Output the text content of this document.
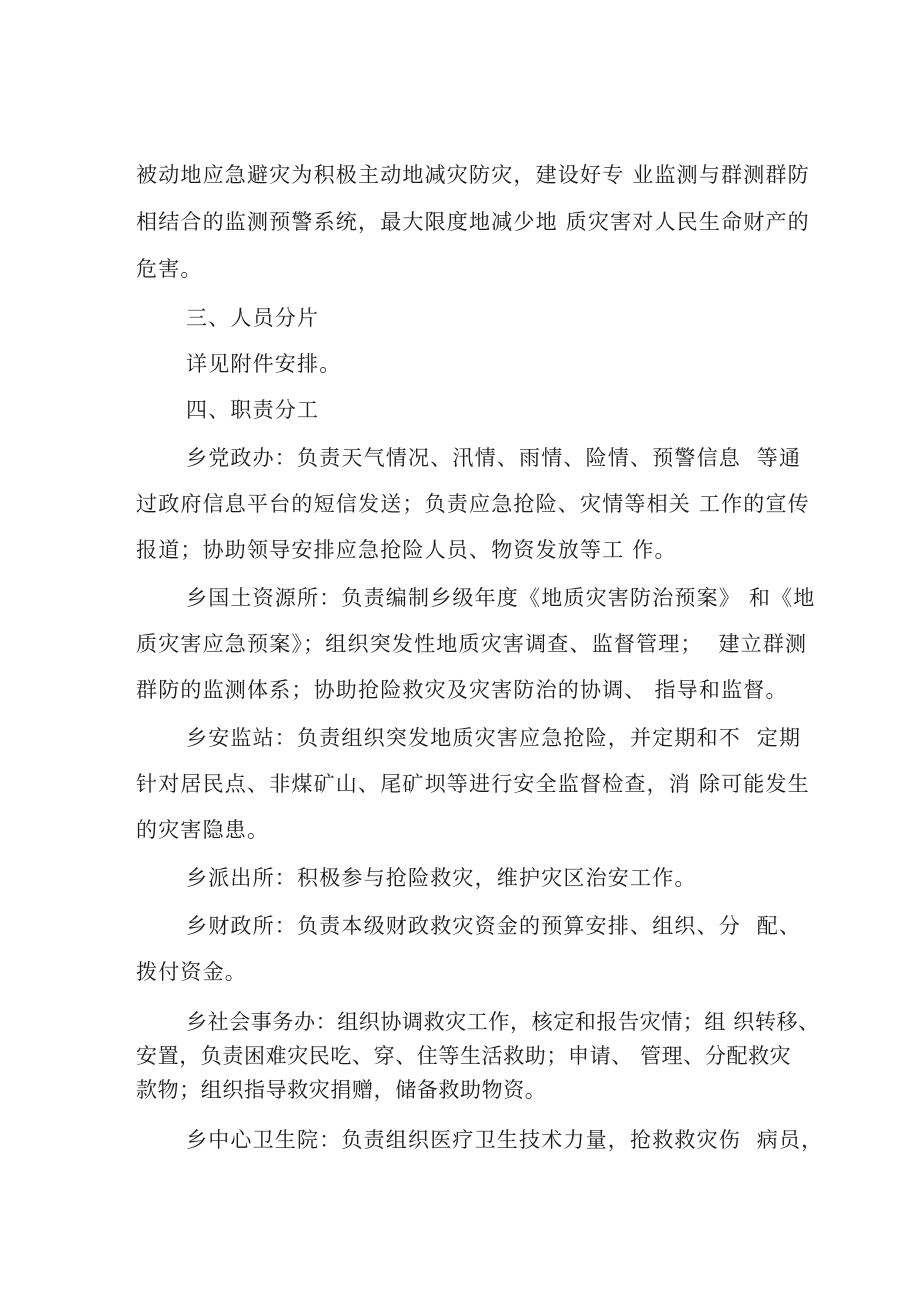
被动地应急避灾为积极主动地减灾防灾，建设好专 业监测与群测群防
相结合的监测预警系统，最大限度地减少地 质灾害对人民生命财产的
危害。
三、人员分片
详见附件安排。
四、职责分工
乡党政办：负责天气情况、汛情、雨情、险情、预警信息  等通
过政府信息平台的短信发送；负责应急抢险、灾情等相关 工作的宣传
报道；协助领导安排应急抢险人员、物资发放等工 作。
乡国土资源所：负责编制乡级年度《地质灾害防治预案》 和《地
质灾害应急预案》；组织突发性地质灾害调查、监督管理；  建立群测
群防的监测体系；协助抢险救灾及灾害防治的协调、 指导和监督。
乡安监站：负责组织突发地质灾害应急抢险，并定期和不  定期
针对居民点、非煤矿山、尾矿坝等进行安全监督检查，消 除可能发生
的灾害隐患。
乡派出所：积极参与抢险救灾，维护灾区治安工作。
乡财政所：负责本级财政救灾资金的预算安排、组织、分  配、
拨付资金。
乡社会事务办：组织协调救灾工作，核定和报告灾情；组 织转移、
安置，负责困难灾民吃、穿、住等生活救助；申请、 管理、分配救灾
款物；组织指导救灾捐赠，储备救助物资。
乡中心卫生院：负责组织医疗卫生技术力量，抢救救灾伤  病员，
